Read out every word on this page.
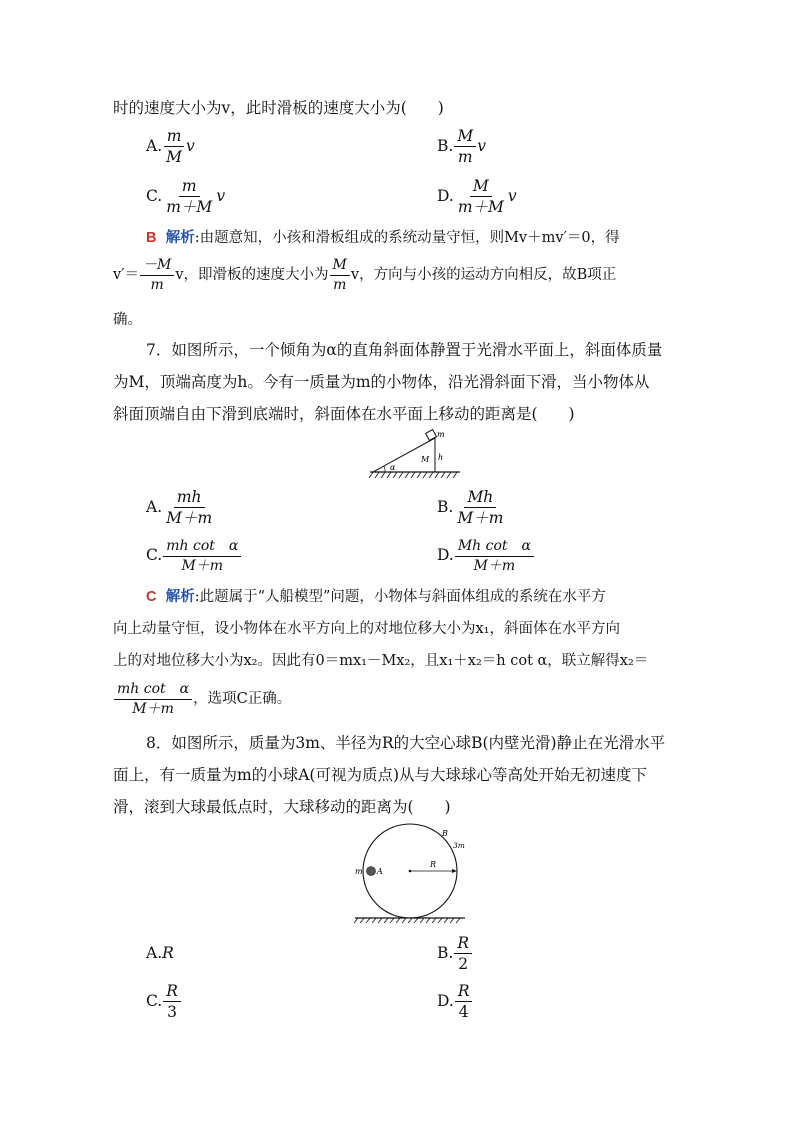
时的速度大小为v，此时滑板的速度大小为(　　)
A. $\frac{m}{M}$ v	B. $\frac{M}{m}$ v
C. $\frac{m}{m+M}$ v	D. $\frac{M}{m+M}$ v
B 解析:由题意知，小孩和滑板组成的系统动量守恒，则Mv＋mv′＝0，得
$v'= \frac{-M}{m}$ v，即滑板的速度大小为 $\frac{M}{m}$ v，方向与小孩的运动方向相反，故B项正
确。
7．如图所示，一个倾角为α的直角斜面体静置于光滑水平面上，斜面体质量
为M，顶端高度为h。今有一质量为m的小物体，沿光滑斜面下滑，当小物体从
斜面顶端自由下滑到底端时，斜面体在水平面上移动的距离是(　　)
m
M h
α
A. $\frac{mh}{M+m}$	B. $\frac{Mh}{M+m}$
C. $\frac{\text{mh cot　α}}{M+m}$	D. $\frac{\text{Mh cot　α}}{M+m}$
C 解析:此题属于“人船模型”问题，小物体与斜面体组成的系统在水平方
向上动量守恒，设小物体在水平方向上的对地位移大小为x₁，斜面体在水平方向
上的对地位移大小为x₂。因此有0＝mx₁－Mx₂，且x₁＋x₂＝h cot α，联立解得x₂＝
$\frac{\text{mh cot　α}}{M+m}$ ，选项C正确。
8．如图所示，质量为3m、半径为R的大空心球B(内壁光滑)静止在光滑水平
面上，有一质量为m的小球A(可视为质点)从与大球球心等高处开始无初速度下
滑，滚到大球最低点时，大球移动的距离为(　　)
B
3m
R
m A
A.R	B. $\frac{R}{2}$
C. $\frac{R}{3}$	D. $\frac{R}{4}$
